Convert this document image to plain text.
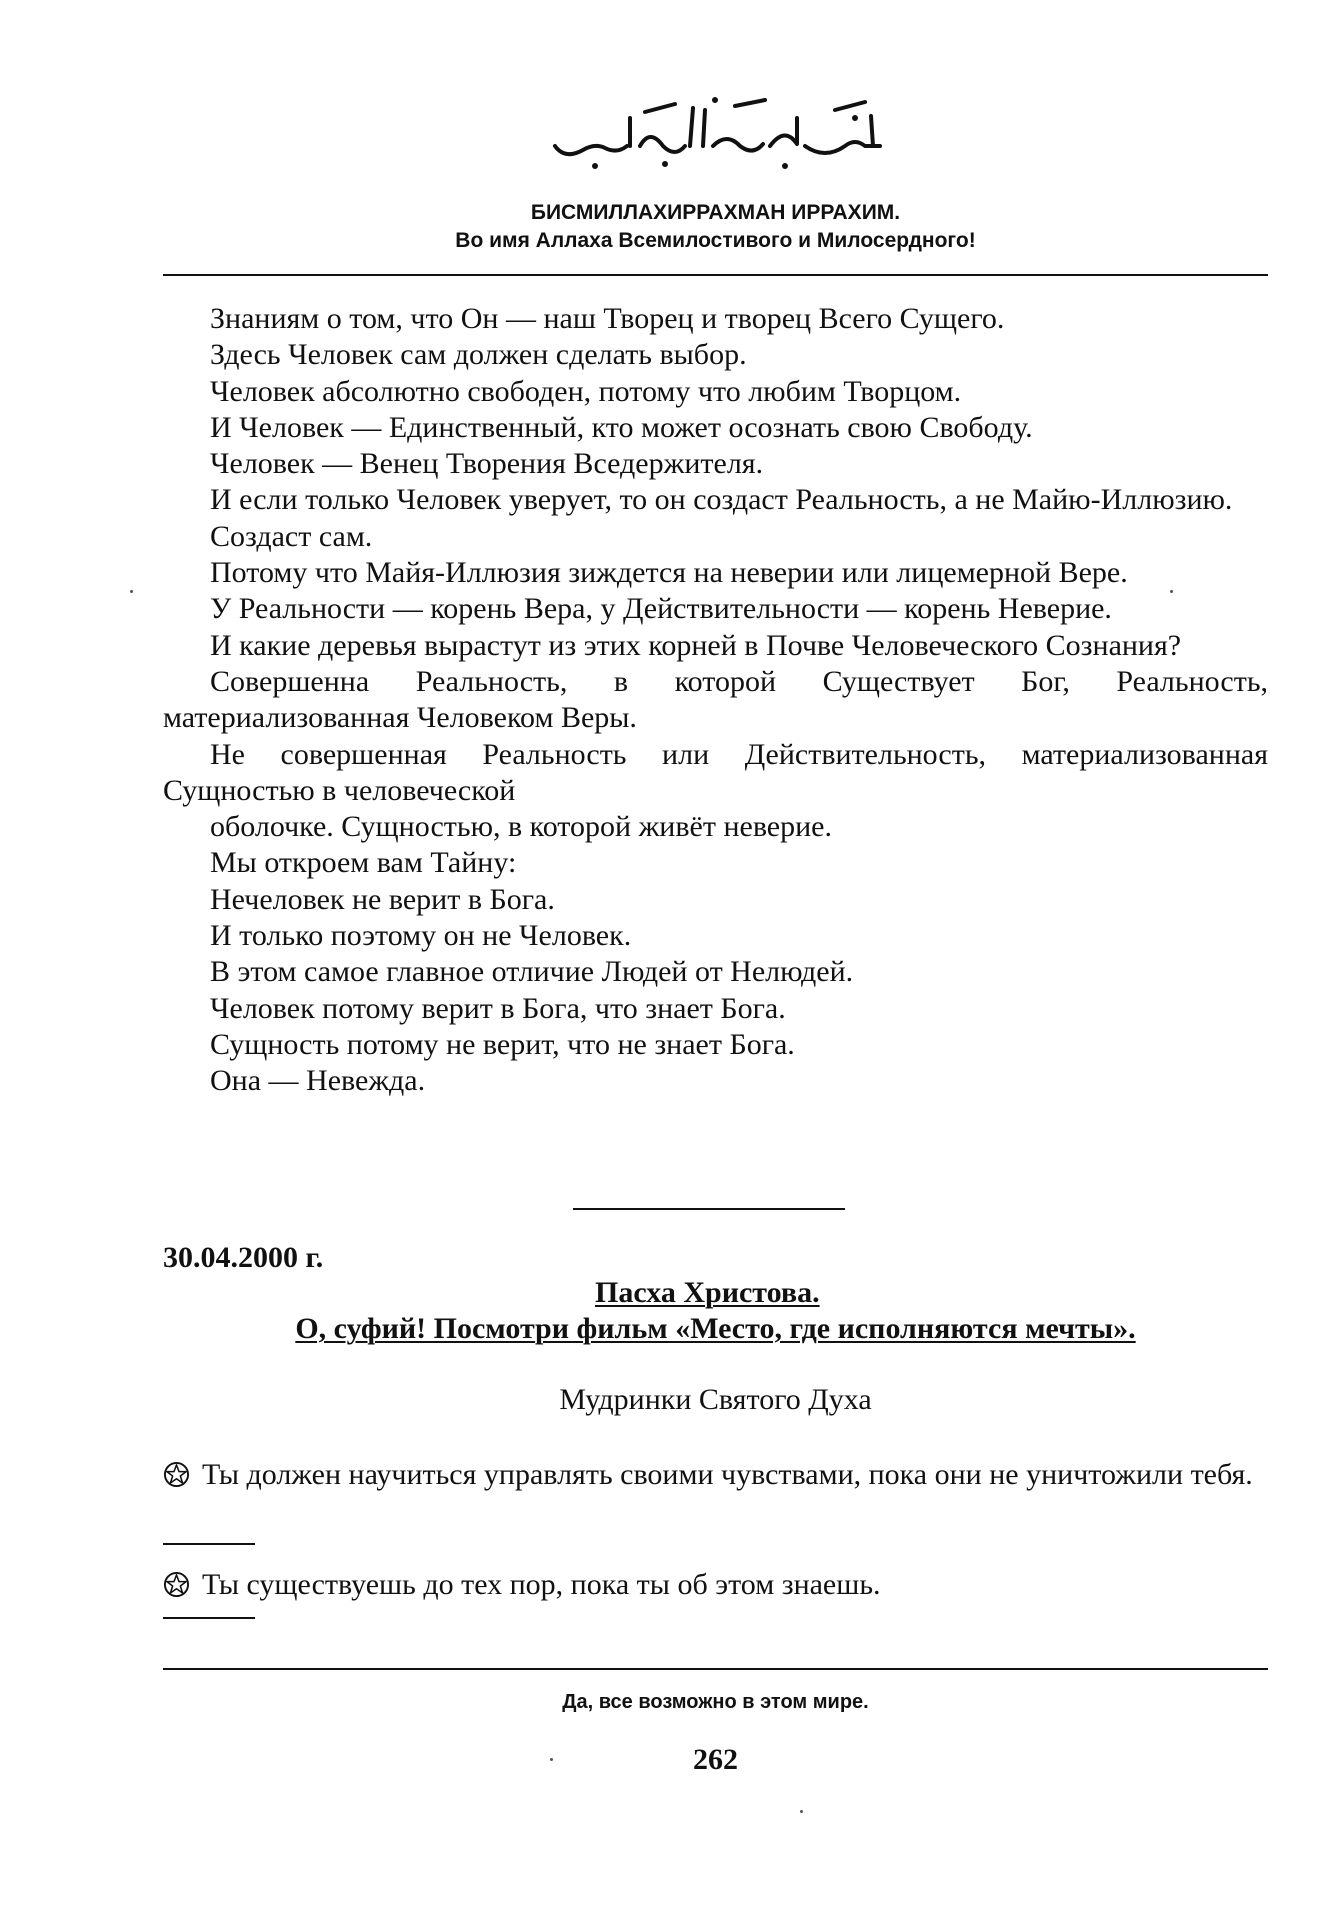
БИСМИЛЛАХИРРАХМАН ИРРАХИМ.
Во имя Аллаха Всемилостивого и Милосердного!

Знаниям о том, что Он — наш Творец и творец Всего Сущего.

Здесь Человек сам должен сделать выбор.

Человек абсолютно свободен, потому что любим Творцом.

И Человек — Единственный, кто может осознать свою Свободу.

Человек — Венец Творения Вседержителя.

И если только Человек уверует, то он создаст Реальность, а не Майю-Иллюзию.

Создаст сам.

Потому что Майя-Иллюзия зиждется на неверии или лицемерной Вере.

У Реальности — корень Вера, у Действительности — корень Неверие.

И какие деревья вырастут из этих корней в Почве Человеческого Сознания?

Совершенна Реальность, в которой Существует Бог, Реальность, материализованная Человеком Веры.

Не совершенная Реальность или Действительность, материализованная Сущностью в человеческой

оболочке. Сущностью, в которой живёт неверие.

Мы откроем вам Тайну:

Нечеловек не верит в Бога.

И только поэтому он не Человек.

В этом самое главное отличие Людей от Нелюдей.

Человек потому верит в Бога, что знает Бога.

Сущность потому не верит, что не знает Бога.

Она — Невежда.

30.04.2000 г.
Пасха Христова.
О, суфий! Посмотри фильм «Место, где исполняются мечты».
Мудринки Святого Духа
Ты должен научиться управлять своими чувствами, пока они не уничтожили тебя.
Ты существуешь до тех пор, пока ты об этом знаешь.
Да, все возможно в этом мире.
262
